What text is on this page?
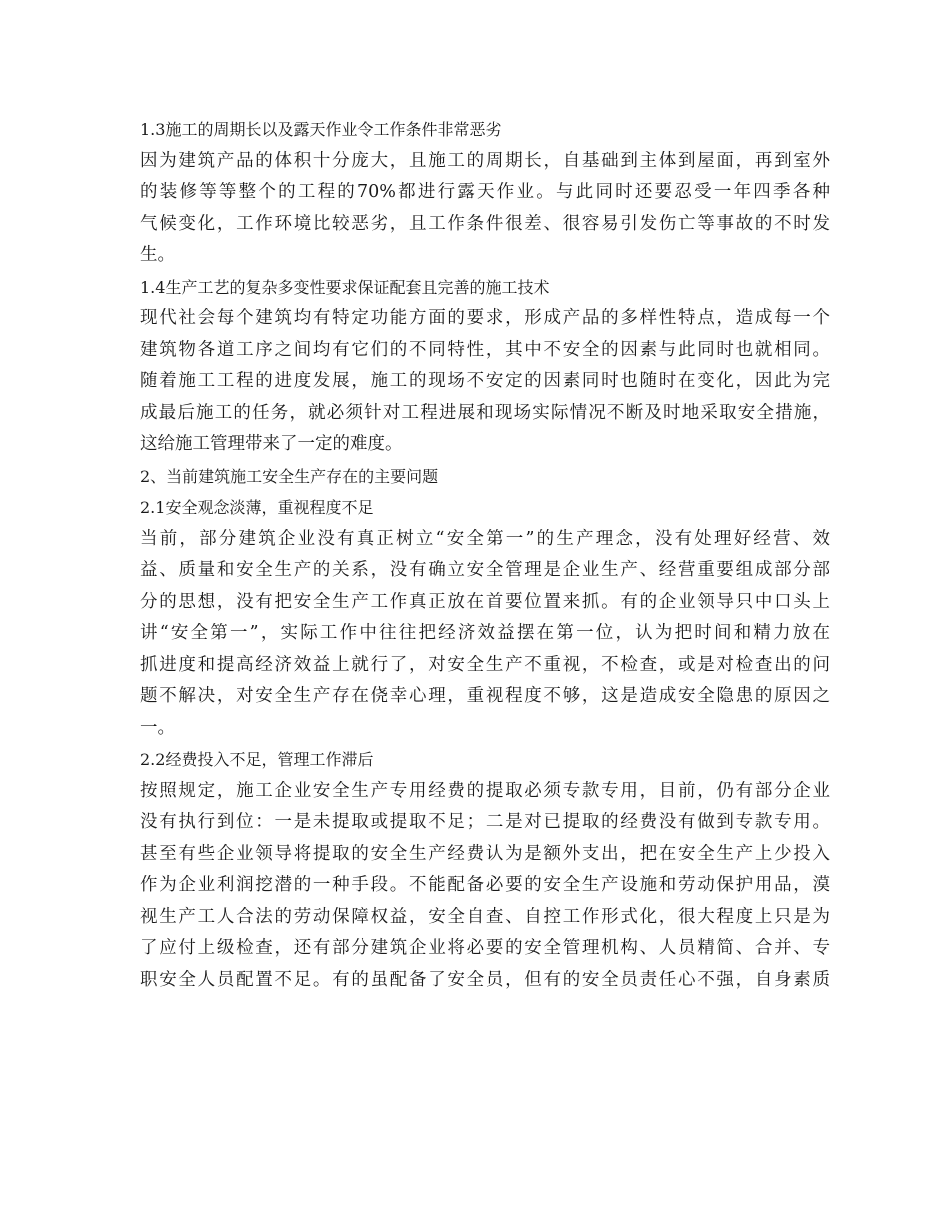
1.3施工的周期长以及露天作业令工作条件非常恶劣

因为建筑产品的体积十分庞大，且施工的周期长，自基础到主体到屋面，再到室外

的装修等等整个的工程的70%都进行露天作业。与此同时还要忍受一年四季各种

气候变化，工作环境比较恶劣，且工作条件很差、很容易引发伤亡等事故的不时发

生。

1.4生产工艺的复杂多变性要求保证配套且完善的施工技术

现代社会每个建筑均有特定功能方面的要求，形成产品的多样性特点，造成每一个

建筑物各道工序之间均有它们的不同特性，其中不安全的因素与此同时也就相同。

随着施工工程的进度发展，施工的现场不安定的因素同时也随时在变化，因此为完

成最后施工的任务，就必须针对工程进展和现场实际情况不断及时地采取安全措施，

这给施工管理带来了一定的难度。

2、当前建筑施工安全生产存在的主要问题

2.1安全观念淡薄，重视程度不足

当前，部分建筑企业没有真正树立“安全第一”的生产理念，没有处理好经营、效

益、质量和安全生产的关系，没有确立安全管理是企业生产、经营重要组成部分部

分的思想，没有把安全生产工作真正放在首要位置来抓。有的企业领导只中口头上

讲“安全第一”，实际工作中往往把经济效益摆在第一位，认为把时间和精力放在

抓进度和提高经济效益上就行了，对安全生产不重视，不检查，或是对检查出的问

题不解决，对安全生产存在侥幸心理，重视程度不够，这是造成安全隐患的原因之

一。

2.2经费投入不足，管理工作滞后

按照规定，施工企业安全生产专用经费的提取必须专款专用，目前，仍有部分企业

没有执行到位：一是未提取或提取不足；二是对已提取的经费没有做到专款专用。

甚至有些企业领导将提取的安全生产经费认为是额外支出，把在安全生产上少投入

作为企业利润挖潜的一种手段。不能配备必要的安全生产设施和劳动保护用品，漠

视生产工人合法的劳动保障权益，安全自查、自控工作形式化，很大程度上只是为

了应付上级检查，还有部分建筑企业将必要的安全管理机构、人员精简、合并、专

职安全人员配置不足。有的虽配备了安全员，但有的安全员责任心不强，自身素质
